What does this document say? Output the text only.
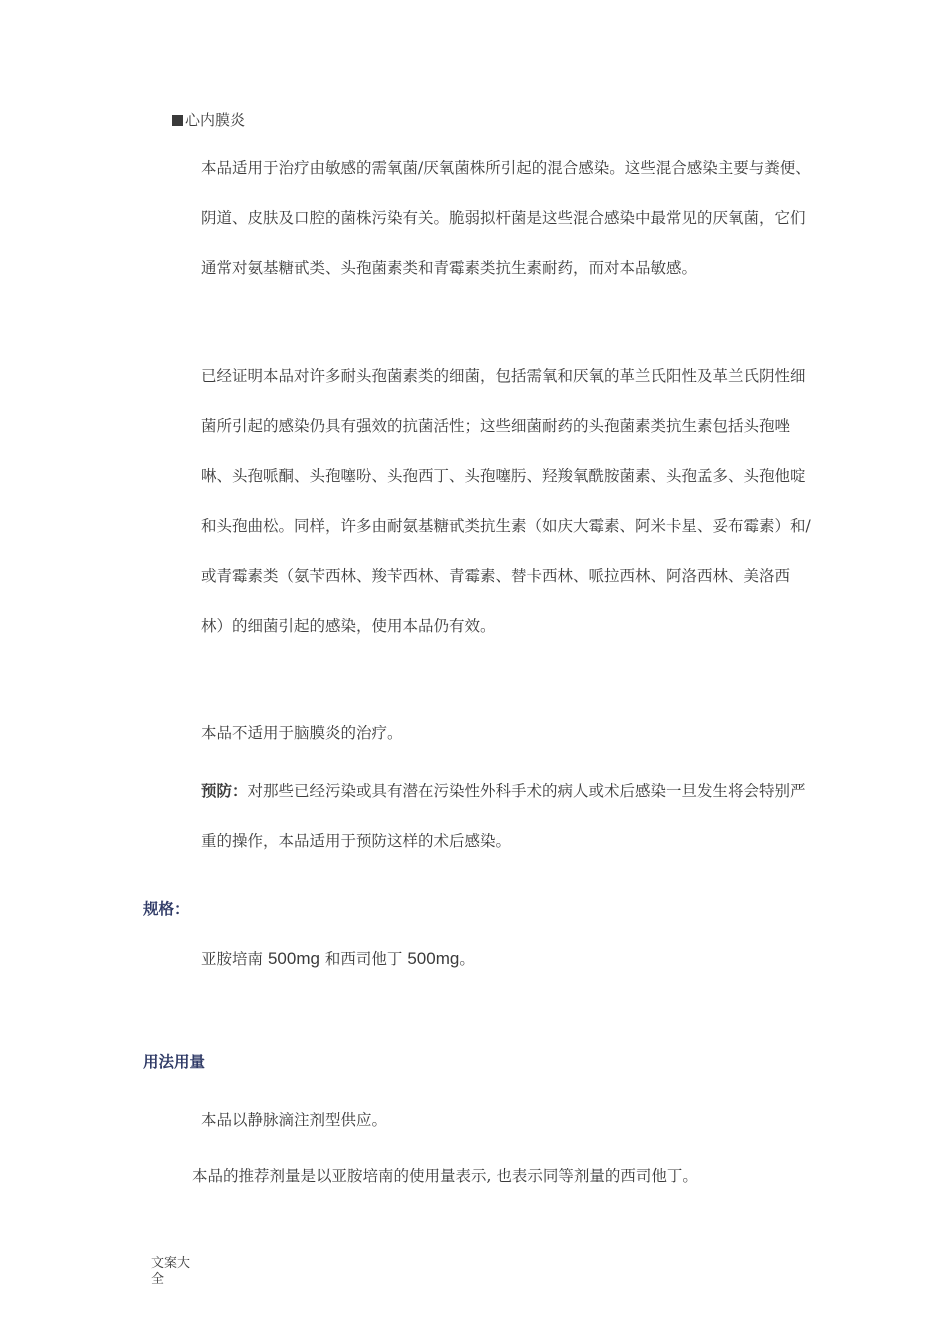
心内膜炎

本品适用于治疗由敏感的需氧菌/厌氧菌株所引起的混合感染。这些混合感染主要与粪便、阴道、皮肤及口腔的菌株污染有关。脆弱拟杆菌是这些混合感染中最常见的厌氧菌，它们通常对氨基糖甙类、头孢菌素类和青霉素类抗生素耐药，而对本品敏感。

已经证明本品对许多耐头孢菌素类的细菌，包括需氧和厌氧的革兰氏阳性及革兰氏阴性细菌所引起的感染仍具有强效的抗菌活性；这些细菌耐药的头孢菌素类抗生素包括头孢唑啉、头孢哌酮、头孢噻吩、头孢西丁、头孢噻肟、羟羧氧酰胺菌素、头孢孟多、头孢他啶和头孢曲松。同样，许多由耐氨基糖甙类抗生素（如庆大霉素、阿米卡星、妥布霉素）和/或青霉素类（氨苄西林、羧苄西林、青霉素、替卡西林、哌拉西林、阿洛西林、美洛西林）的细菌引起的感染，使用本品仍有效。

本品不适用于脑膜炎的治疗。

预防：对那些已经污染或具有潜在污染性外科手术的病人或术后感染一旦发生将会特别严重的操作，本品适用于预防这样的术后感染。

规格：

亚胺培南 500mg 和西司他丁 500mg。

用法用量

本品以静脉滴注剂型供应。

本品的推荐剂量是以亚胺培南的使用量表示, 也表示同等剂量的西司他丁。

文案大全
